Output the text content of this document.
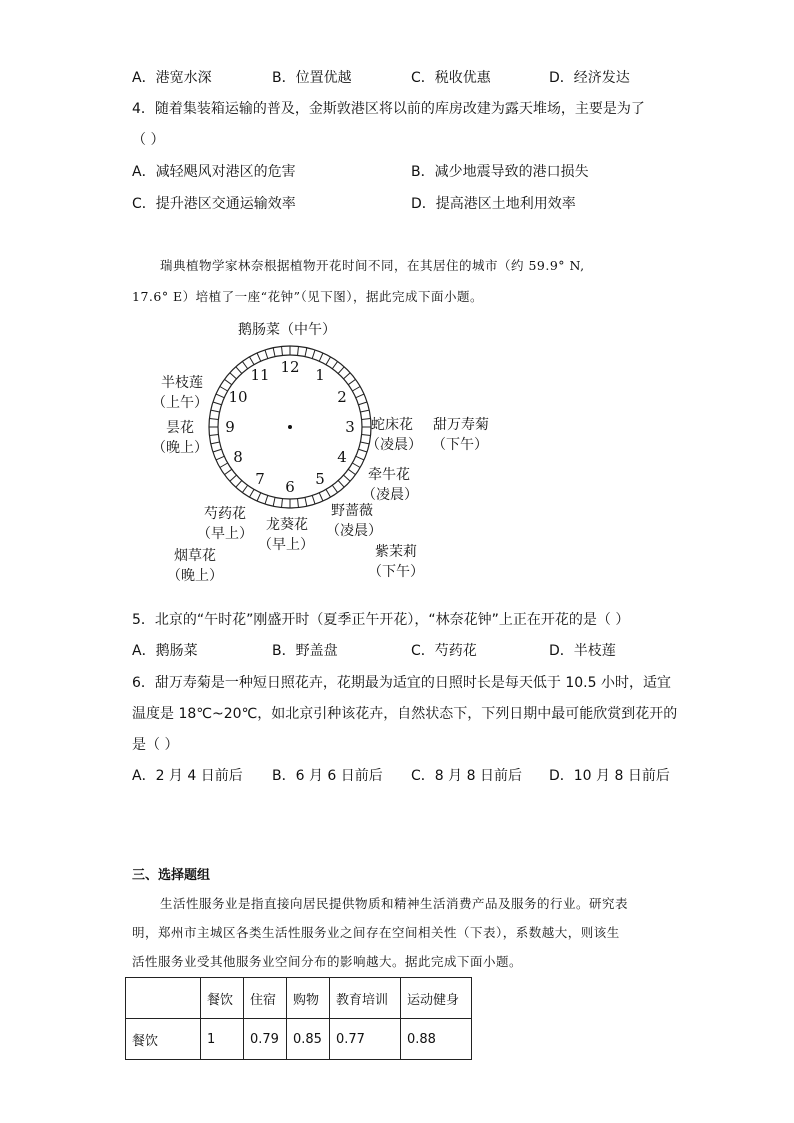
A．港宽水深	B．位置优越	C．税收优惠	D．经济发达
4．随着集装箱运输的普及，金斯敦港区将以前的库房改建为露天堆场，主要是为了
（ ）
A．减轻飓风对港区的危害	B．减少地震导致的港口损失
C．提升港区交通运输效率	D．提高港区土地利用效率
瑞典植物学家林奈根据植物开花时间不同，在其居住的城市（约 59.9° N,
17.6° E）培植了一座“花钟”（见下图），据此完成下面小题。
12 1
2
3
4
5
6
7
8
9
10
11
鹅肠菜（中午）
半枝莲
（上午）
昙花
（晚上）
蛇床花
（凌晨）
甜万寿菊
（下午）
牵牛花
（凌晨）
芍药花
（早上）
龙葵花
（早上）
野蔷薇
（凌晨）
烟草花
（晚上）
紫茉莉
（下午）
5．北京的“午时花”刚盛开时（夏季正午开花），“林奈花钟”上正在开花的是（ ）
A．鹅肠菜	B．野盖盘	C．芍药花	D．半枝莲
6．甜万寿菊是一种短日照花卉，花期最为适宜的日照时长是每天低于 10.5 小时，适宜
温度是 18℃~20℃，如北京引种该花卉，自然状态下，下列日期中最可能欣赏到花开的
是（ ）
A．2 月 4 日前后 B．6 月 6 日前后 C．8 月 8 日前后 D．10 月 8 日前后
三、选择题组
生活性服务业是指直接向居民提供物质和精神生活消费产品及服务的行业。研究表
明，郑州市主城区各类生活性服务业之间存在空间相关性（下表），系数越大，则该生
活性服务业受其他服务业空间分布的影响越大。据此完成下面小题。
	餐饮	住宿	购物	教育培训	运动健身
餐饮	1	0.79	0.85	0.77	0.88
